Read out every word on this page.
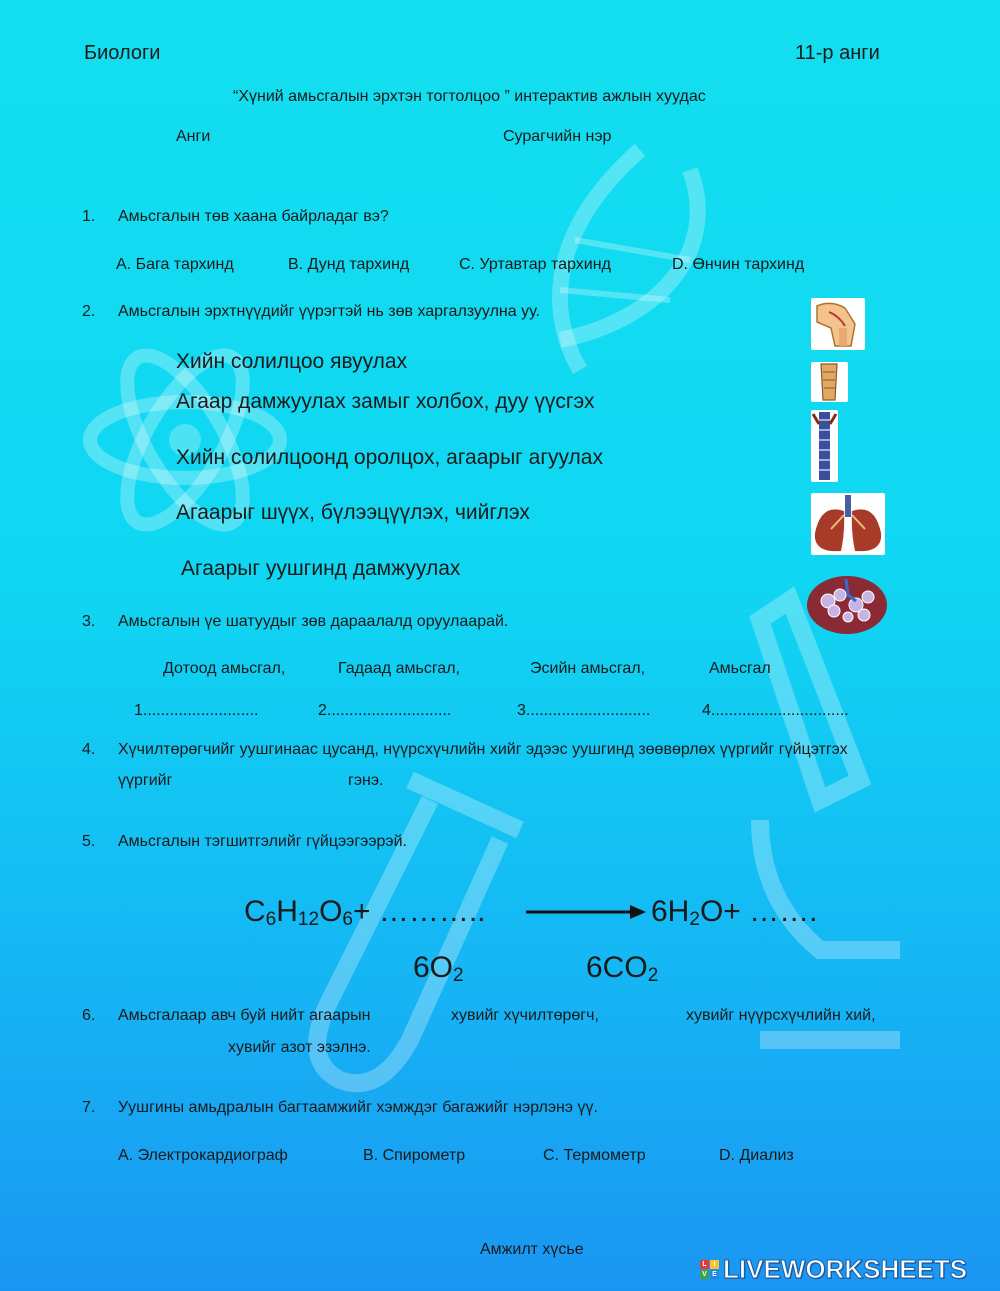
Биологи	11-р анги
“Хүний амьсгалын эрхтэн тогтолцоо ” интерактив ажлын хуудас
Анги	Сурагчийн нэр
1. Амьсгалын төв хаана байрладаг вэ?
A. Бага тархинд	B. Дунд тархинд	C. Уртавтар тархинд	D. Өнчин тархинд
2. Амьсгалын эрхтнүүдийг үүрэгтэй нь зөв харгалзуулна уу.
Хийн солилцоо явуулах
Агаар дамжуулах замыг холбох, дуу үүсгэх
Хийн солилцоонд оролцох, агаарыг агуулах
Агаарыг шүүх, бүлээцүүлэх, чийглэх
Агаарыг уушгинд дамжуулах
3. Амьсгалын үе шатуудыг зөв дараалалд оруулаарай.
Дотоод амьсгал,	Гадаад амьсгал,	Эсийн амьсгал,	Амьсгал
1..........................	2............................	3............................	4...............................
4. Хүчилтөрөгчийг уушгинаас цусанд, нүүрсхүчлийн хийг эдээс уушгинд зөөвөрлөх үүргийг гүйцэтгэх
үүргийг	гэнэ.
5. Амьсгалын тэгшитгэлийг гүйцээгээрэй.
$C_6H_{12}O_6+$ ………..	$6H_2O+$ …….
$6O_2$	$6CO_2$
6. Амьсгалаар авч буй нийт агаарын	хувийг хүчилтөрөгч,	хувийг нүүрсхүчлийн хий,
хувийг азот эзэлнэ.
7. Уушгины амьдралын багтаамжийг хэмждэг багажийг нэрлэнэ үү.
A. Электрокардиограф	B. Спирометр	C. Термометр	D. Диализ
Амжилт хүсье
L I
V E LIVEWORKSHEETS
